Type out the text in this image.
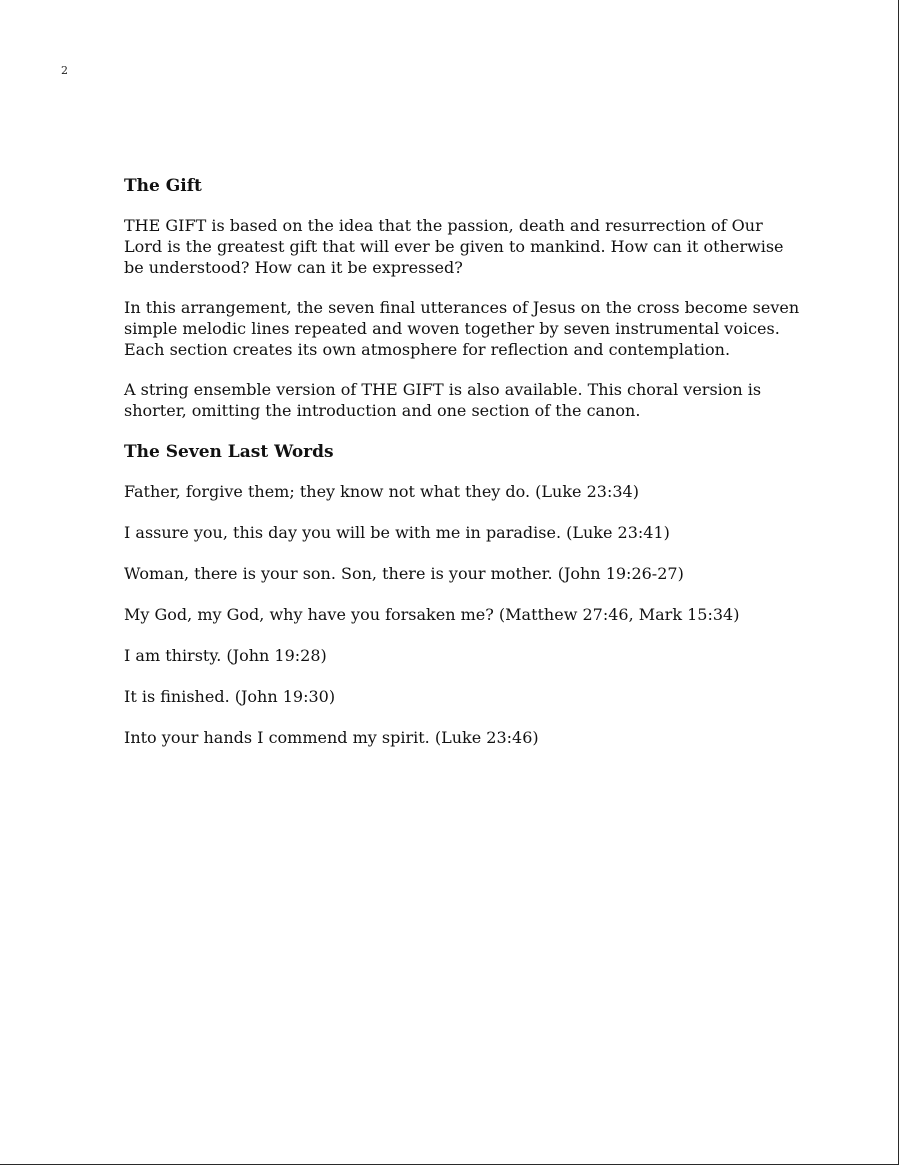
2
The Gift

THE GIFT is based on the idea that the passion, death and resurrection of Our Lord is the greatest gift that will ever be given to mankind. How can it otherwise be understood? How can it be expressed?

In this arrangement, the seven final utterances of Jesus on the cross become seven simple melodic lines repeated and woven together by seven instrumental voices. Each section creates its own atmosphere for reflection and contemplation.

A string ensemble version of THE GIFT is also available. This choral version is shorter, omitting the introduction and one section of the canon.

The Seven Last Words

Father, forgive them; they know not what they do. (Luke 23:34)

I assure you, this day you will be with me in paradise. (Luke 23:41)

Woman, there is your son. Son, there is your mother. (John 19:26-27)

My God, my God, why have you forsaken me? (Matthew 27:46, Mark 15:34)

I am thirsty. (John 19:28)

It is finished. (John 19:30)

Into your hands I commend my spirit. (Luke 23:46)
